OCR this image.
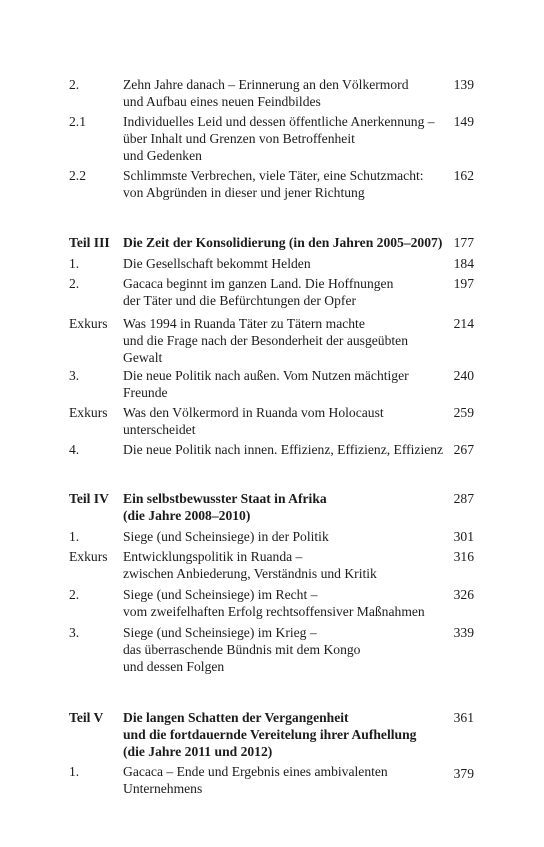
2.	Zehn Jahre danach – Erinnerung an den Völkermord
und Aufbau eines neuen Feindbildes
139
2.1	Individuelles Leid und dessen öffentliche Anerkennung –
über Inhalt und Grenzen von Betroffenheit
und Gedenken
149
2.2	Schlimmste Verbrechen, viele Täter, eine Schutzmacht:
von Abgründen in dieser und jener Richtung
162
Teil III Die Zeit der Konsolidierung (in den Jahren 2005–2007) 177
1.	Die Gesellschaft bekommt Helden	184
2.	Gacaca beginnt im ganzen Land. Die Hoffnungen
der Täter und die Befürchtungen der Opfer
197
Exkurs Was 1994 in Ruanda Täter zu Tätern machte
und die Frage nach der Besonderheit der ausgeübten
Gewalt
214
3.	Die neue Politik nach außen. Vom Nutzen mächtiger
Freunde
240
Exkurs Was den Völkermord in Ruanda vom Holocaust
unterscheidet
259
4.	Die neue Politik nach innen. Effizienz, Effizienz, Effizienz 267
Teil IV Ein selbstbewusster Staat in Afrika
(die Jahre 2008–2010)
287
1.	Siege (und Scheinsiege) in der Politik	301
Exkurs Entwicklungspolitik in Ruanda –
zwischen Anbiederung, Verständnis und Kritik
316
2.	Siege (und Scheinsiege) im Recht –
vom zweifelhaften Erfolg rechtsoffensiver Maßnahmen
326
3.	Siege (und Scheinsiege) im Krieg –
das überraschende Bündnis mit dem Kongo
und dessen Folgen
339
Teil V Die langen Schatten der Vergangenheit
und die fortdauernde Vereitelung ihrer Aufhellung
(die Jahre 2011 und 2012)
361
1.	Gacaca – Ende und Ergebnis eines ambivalenten
Unternehmens
379
